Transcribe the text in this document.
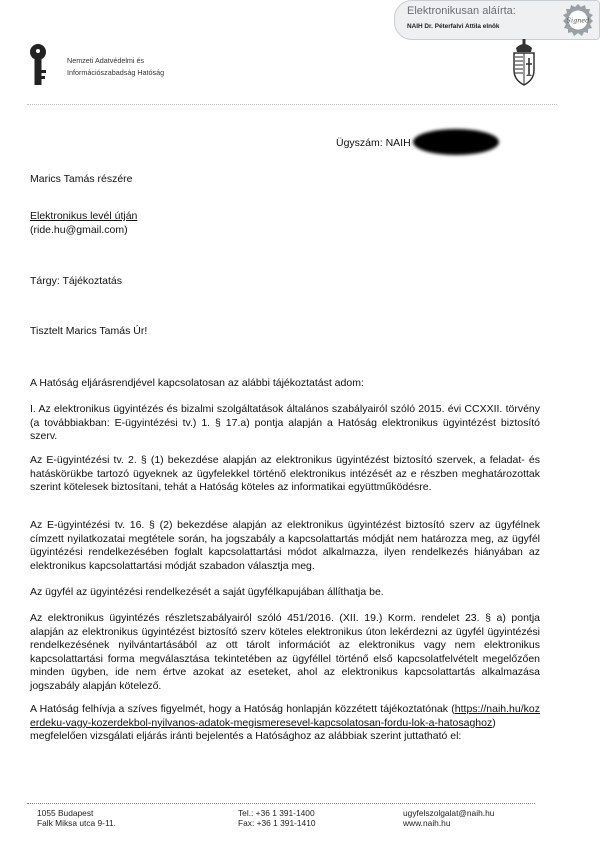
Elektronikusan aláírta:
NAIH Dr. Péterfalvi Attila elnök
Signed
Nemzeti Adatvédelmi és
Információszabadság Hatóság
Ügyszám: NAIH
Marics Tamás részére
Elektronikus levél útján
(ride.hu@gmail.com)
Tárgy: Tájékoztatás
Tisztelt Marics Tamás Úr!
A Hatóság eljárásrendjével kapcsolatosan az alábbi tájékoztatást adom:
I. Az elektronikus ügyintézés és bizalmi szolgáltatások általános szabályairól szóló 2015. évi CCXXII. törvény (a továbbiakban: E-ügyintézési tv.) 1. § 17.a) pontja alapján a Hatóság elektronikus ügyintézést biztosító szerv.
Az E-ügyintézési tv. 2. § (1) bekezdése alapján az elektronikus ügyintézést biztosító szervek, a feladat- és hatáskörükbe tartozó ügyeknek az ügyfelekkel történő elektronikus intézését az e részben meghatározottak szerint kötelesek biztosítani, tehát a Hatóság köteles az informatikai együttműködésre.
Az E-ügyintézési tv. 16. § (2) bekezdése alapján az elektronikus ügyintézést biztosító szerv az ügyfélnek címzett nyilatkozatai megtétele során, ha jogszabály a kapcsolattartás módját nem határozza meg, az ügyfél ügyintézési rendelkezésében foglalt kapcsolattartási módot alkalmazza, ilyen rendelkezés hiányában az elektronikus kapcsolattartási módját szabadon választja meg.
Az ügyfél az ügyintézési rendelkezését a saját ügyfélkapujában állíthatja be.
Az elektronikus ügyintézés részletszabályairól szóló 451/2016. (XII. 19.) Korm. rendelet 23. § a) pontja alapján az elektronikus ügyintézést biztosító szerv köteles elektronikus úton lekérdezni az ügyfél ügyintézési rendelkezésének nyilvántartásából az ott tárolt információt az elektronikus vagy nem elektronikus kapcsolattartási forma megválasztása tekintetében az ügyféllel történő első kapcsolatfelvételt megelőzően minden ügyben, ide nem értve azokat az eseteket, ahol az elektronikus kapcsolattartás alkalmazása jogszabály alapján kötelező.
A Hatóság felhívja a szíves figyelmét, hogy a Hatóság honlapján közzétett tájékoztatónak (https://naih.hu/kozerdeku-vagy-kozerdekbol-nyilvanos-adatok-megismeresevel-kapcsolatosan-fordu-lok-a-hatosaghoz) megfelelően vizsgálati eljárás iránti bejelentés a Hatósághoz az alábbiak szerint juttatható el:
1055 Budapest
Falk Miksa utca 9-11.
Tel.: +36 1 391-1400
Fax: +36 1 391-1410
ugyfelszolgalat@naih.hu
www.naih.hu
